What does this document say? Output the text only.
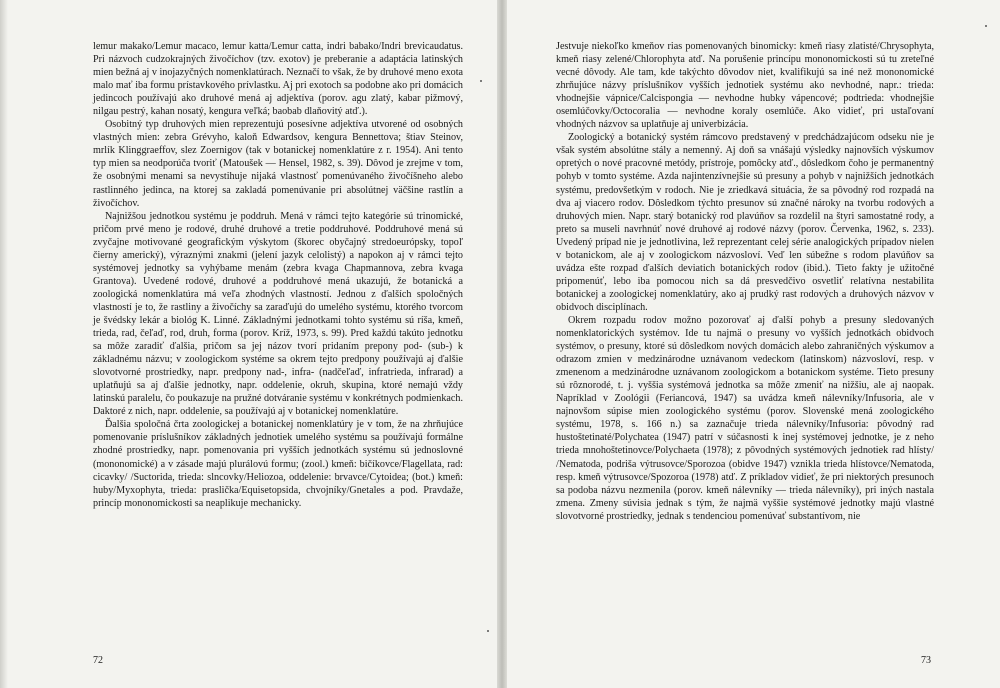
lemur makako/Lemur macaco, lemur katta/Lemur catta, indri babako/Indri brevicaudatus. Pri názvoch cudzokrajných živočíchov (tzv. exotov) je preberanie a adaptácia latinských mien bežná aj v inojazyčných nomenklatúrach. Neznačí to však, že by druhové meno exota malo mať iba formu prístavkového prívlastku. Aj pri exotoch sa podobne ako pri domácich jedincoch používajú ako druhové mená aj adjektíva (porov. agu zlatý, kabar pižmový, nilgau pestrý, kahan nosatý, kengura veľká; baobab dlaňovitý atď.).

Osobitný typ druhových mien reprezentujú posesívne adjektíva utvorené od osobných vlastných mien: zebra Grévyho, kaloň Edwardsov, kengura Bennettova; štiav Steinov, mrlík Klinggraeffov, slez Zoernigov (tak v botanickej nomenklatúre z r. 1954). Ani tento typ mien sa neodporúča tvoriť (Matoušek — Hensel, 1982, s. 39). Dôvod je zrejme v tom, že osobnými menami sa nevystihuje nijaká vlastnosť pomenúvaného živočíšneho alebo rastlinného jedinca, na ktorej sa zakladá pomenúvanie pri absolútnej väčšine rastlín a živočíchov.

Najnižšou jednotkou systému je poddruh. Mená v rámci tejto kategórie sú trinomické, pričom prvé meno je rodové, druhé druhové a tretie poddruhové. Poddruhové mená sú zvyčajne motivované geografickým výskytom (škorec obyčajný stredoeurópsky, topoľ čierny americký), výraznými znakmi (jelení jazyk celolistý) a napokon aj v rámci tejto systémovej jednotky sa vyhýbame menám (zebra kvaga Chapmannova, zebra kvaga Grantova). Uvedené rodové, druhové a poddruhové mená ukazujú, že botanická a zoologická nomenklatúra má veľa zhodných vlastností. Jednou z ďalších spoločných vlastností je to, že rastliny a živočíchy sa zaraďujú do umelého systému, ktorého tvorcom je švédsky lekár a biológ K. Linné. Základnými jednotkami tohto systému sú ríša, kmeň, trieda, rad, čeľaď, rod, druh, forma (porov. Kríž, 1973, s. 99). Pred každú takúto jednotku sa môže zaradiť ďalšia, pričom sa jej názov tvorí pridaním prepony pod- (sub-) k základnému názvu; v zoologickom systéme sa okrem tejto predpony používajú aj ďalšie slovotvorné prostriedky, napr. predpony nad-, infra- (nadčeľaď, infratrieda, infrarad) a uplatňujú sa aj ďalšie jednotky, napr. oddelenie, okruh, skupina, ktoré nemajú vždy latinskú paralelu, čo poukazuje na pružné dotváranie systému v konkrétnych podmienkach. Daktoré z nich, napr. oddelenie, sa používajú aj v botanickej nomenklatúre.

Ďalšia spoločná črta zoologickej a botanickej nomenklatúry je v tom, že na zhrňujúce pomenovanie príslušníkov základných jednotiek umelého systému sa používajú formálne zhodné prostriedky, napr. pomenovania pri vyšších jednotkách systému sú jednoslovné (mononomické) a v zásade majú plurálovú formu; (zool.) kmeň: bičíkovce/Flagellata, rad: cicavky/ /Suctorida, trieda: slncovky/Heliozoa, oddelenie: brvavce/Cytoidea; (bot.) kmeň: huby/Myxophyta, trieda: praslička/Equisetopsida, chvojníky/Gnetales a pod. Pravdaže, princíp mononomickosti sa neaplikuje mechanicky.

72

Jestvuje niekoľko kmeňov rias pomenovaných binomicky: kmeň riasy zlatisté/Chrysophyta, kmeň riasy zelené/Chlorophyta atď. Na porušenie princípu mononomickosti sú tu zreteľné vecné dôvody. Ale tam, kde takýchto dôvodov niet, kvalifikujú sa iné než mononomické zhrňujúce názvy príslušníkov vyšších jednotiek systému ako nevhodné, napr.: trieda: vhodnejšie vápnice/Calcispongia — nevhodne hubky vápencové; podtrieda: vhodnejšie osemlúčovky/Octocoralia — nevhodne koraly osemlúče. Ako vidieť, pri ustaľovaní vhodných názvov sa uplatňuje aj univerbizácia.

Zoologický a botanický systém rámcovo predstavený v predchádzajúcom odseku nie je však systém absolútne stály a nemenný. Aj doň sa vnášajú výsledky najnovších výskumov opretých o nové pracovné metódy, prístroje, pomôcky atď., dôsledkom čoho je permanentný pohyb v tomto systéme. Azda najintenzívnejšie sú presuny a pohyb v najnižších jednotkách systému, predovšetkým v rodoch. Nie je zriedkavá situácia, že sa pôvodný rod rozpadá na dva aj viacero rodov. Dôsledkom týchto presunov sú značné nároky na tvorbu rodových a druhových mien. Napr. starý botanický rod plavúňov sa rozdelil na štyri samostatné rody, a preto sa museli navrhnúť nové druhové aj rodové názvy (porov. Červenka, 1962, s. 233). Uvedený prípad nie je jednotlivina, lež reprezentant celej série analogických prípadov nielen v botanickom, ale aj v zoologickom názvosloví. Veď len súbežne s rodom plavúňov sa uvádza ešte rozpad ďalších deviatich botanických rodov (ibid.). Tieto fakty je užitočné pripomenúť, lebo iba pomocou nich sa dá presvedčivo osvetliť relatívna nestabilita botanickej a zoologickej nomenklatúry, ako aj prudký rast rodových a druhových názvov v obidvoch disciplínach.

Okrem rozpadu rodov možno pozorovať aj ďalší pohyb a presuny sledovaných nomenklatorických systémov. Ide tu najmä o presuny vo vyšších jednotkách obidvoch systémov, o presuny, ktoré sú dôsledkom nových domácich alebo zahraničných výskumov a odrazom zmien v medzinárodne uznávanom vedeckom (latinskom) názvosloví, resp. v zmenenom a medzinárodne uznávanom zoologickom a botanickom systéme. Tieto presuny sú rôznorodé, t. j. vyššia systémová jednotka sa môže zmeniť na nižšiu, ale aj naopak. Napríklad v Zoológii (Feriancová, 1947) sa uvádza kmeň nálevníky/Infusoria, ale v najnovšom súpise mien zoologického systému (porov. Slovenské mená zoologického systému, 1978, s. 166 n.) sa zaznačuje trieda nálevníky/Infusoria: pôvodný rad hustoštetinaté/Polychatea (1947) patrí v súčasnosti k inej systémovej jednotke, je z neho trieda mnohoštetinovce/Polychaeta (1978); z pôvodných systémových jednotiek rad hlísty/ /Nematoda, podriša výtrusovce/Sporozoa (obidve 1947) vznikla trieda hlístovce/Nematoda, resp. kmeň výtrusovce/Spozoroa (1978) atď. Z príkladov vidieť, že pri niektorých presunoch sa podoba názvu nezmenila (porov. kmeň nálevníky — trieda nálevníky), pri iných nastala zmena. Zmeny súvisia jednak s tým, že najmä vyššie systémové jednotky majú vlastné slovotvorné prostriedky, jednak s tendenciou pomenúvať substantívom, nie

73
